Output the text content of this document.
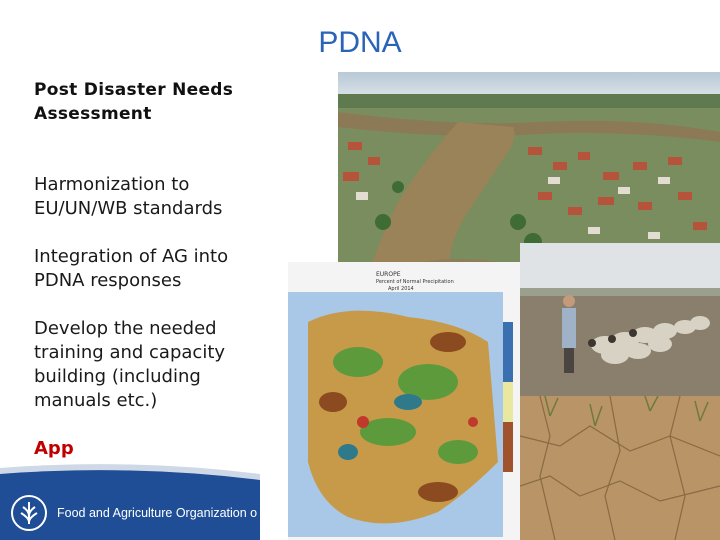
PDNA
Post Disaster Needs Assessment
Harmonization to EU/UN/WB standards
Integration of AG into PDNA responses
Develop the needed training and capacity building (including manuals etc.)
App
Food and Agriculture Organization o
EUROPE
Percent of Normal Precipitation
April 2014
